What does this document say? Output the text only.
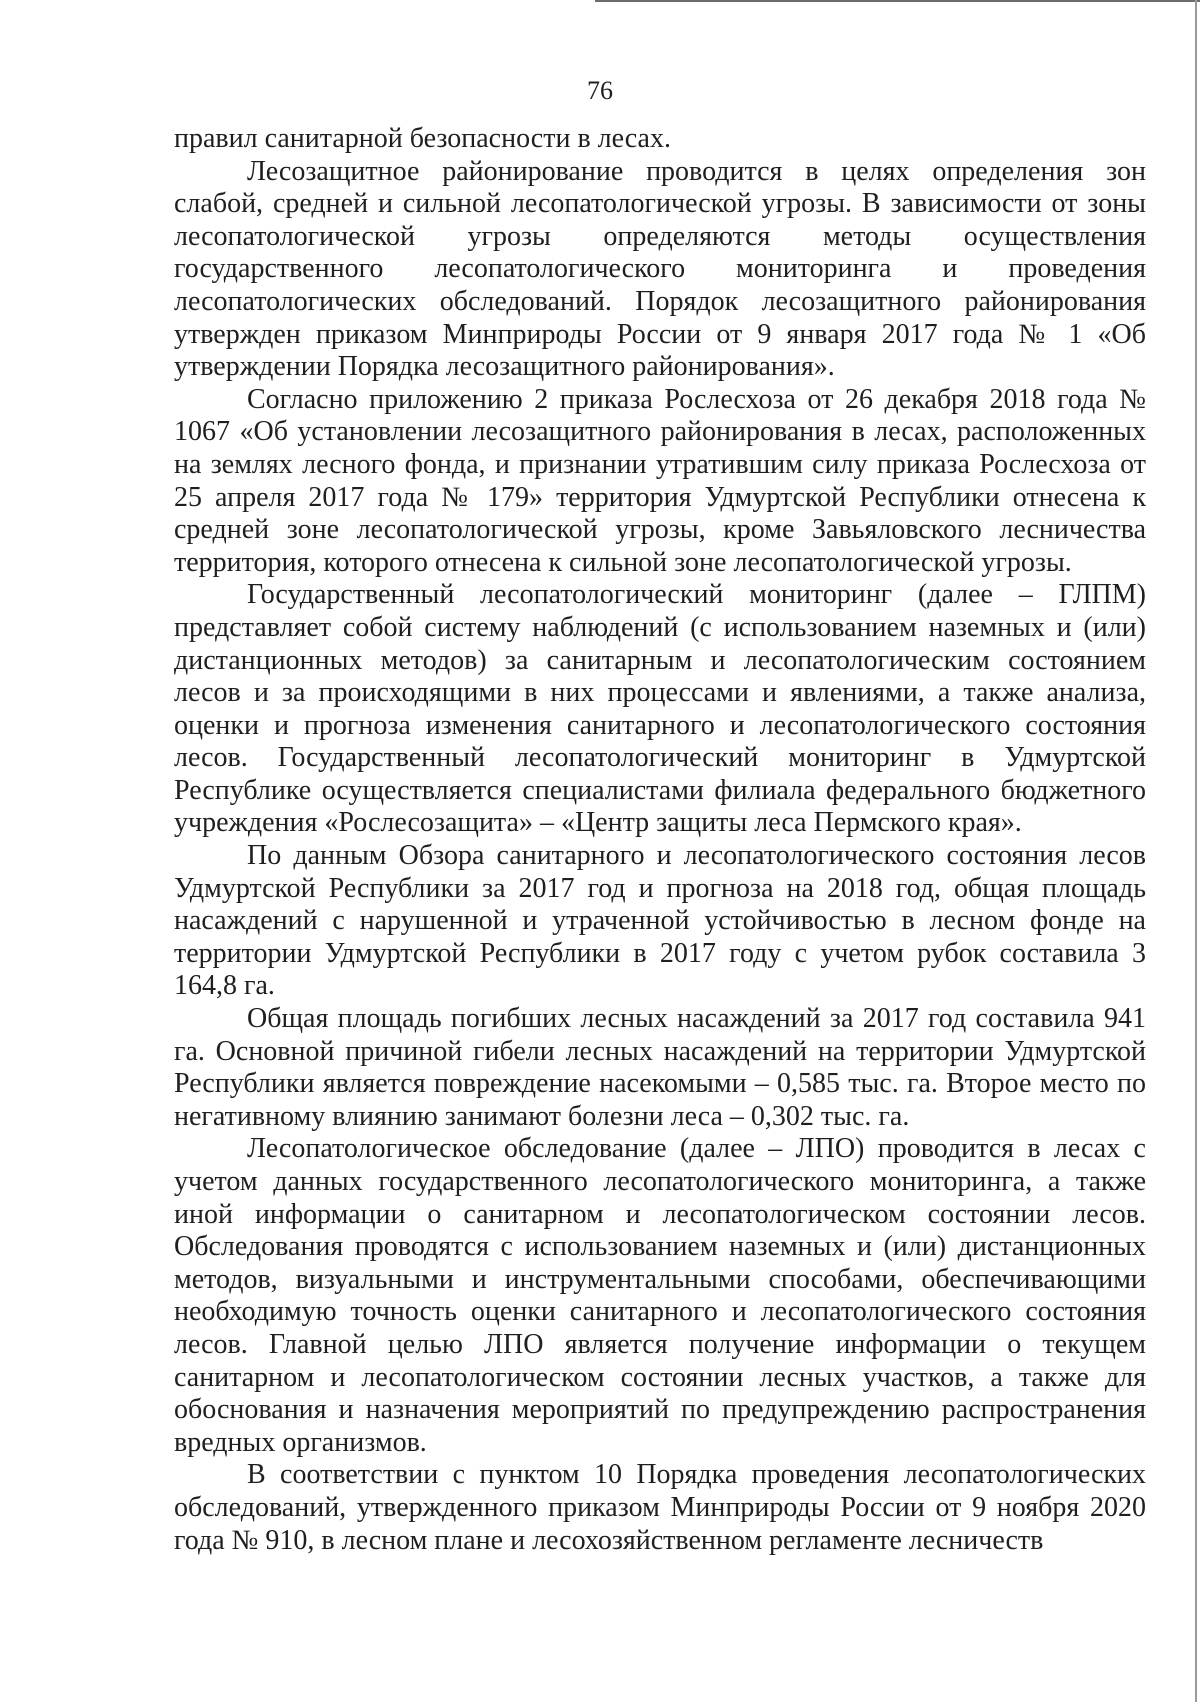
76

правил санитарной безопасности в лесах.

Лесозащитное районирование проводится в целях определения зон слабой, средней и сильной лесопатологической угрозы. В зависимости от зоны лесопатологической угрозы определяются методы осуществления государственного лесопатологического мониторинга и проведения лесопатологических обследований. Порядок лесозащитного районирования утвержден приказом Минприроды России от 9 января 2017 года № 1 «Об утверждении Порядка лесозащитного районирования».

Согласно приложению 2 приказа Рослесхоза от 26 декабря 2018 года № 1067 «Об установлении лесозащитного районирования в лесах, расположенных на землях лесного фонда, и признании утратившим силу приказа Рослесхоза от 25 апреля 2017 года № 179» территория Удмуртской Республики отнесена к средней зоне лесопатологической угрозы, кроме Завьяловского лесничества территория, которого отнесена к сильной зоне лесопатологической угрозы.

Государственный лесопатологический мониторинг (далее – ГЛПМ) представляет собой систему наблюдений (с использованием наземных и (или) дистанционных методов) за санитарным и лесопатологическим состоянием лесов и за происходящими в них процессами и явлениями, а также анализа, оценки и прогноза изменения санитарного и лесопатологического состояния лесов. Государственный лесопатологический мониторинг в Удмуртской Республике осуществляется специалистами филиала федерального бюджетного учреждения «Рослесозащита» – «Центр защиты леса Пермского края».

По данным Обзора санитарного и лесопатологического состояния лесов Удмуртской Республики за 2017 год и прогноза на 2018 год, общая площадь насаждений с нарушенной и утраченной устойчивостью в лесном фонде на территории Удмуртской Республики в 2017 году с учетом рубок составила 3 164,8 га.

Общая площадь погибших лесных насаждений за 2017 год составила 941 га. Основной причиной гибели лесных насаждений на территории Удмуртской Республики является повреждение насекомыми – 0,585 тыс. га. Второе место по негативному влиянию занимают болезни леса – 0,302 тыс. га.

Лесопатологическое обследование (далее – ЛПО) проводится в лесах с учетом данных государственного лесопатологического мониторинга, а также иной информации о санитарном и лесопатологическом состоянии лесов. Обследования проводятся с использованием наземных и (или) дистанционных методов, визуальными и инструментальными способами, обеспечивающими необходимую точность оценки санитарного и лесопатологического состояния лесов. Главной целью ЛПО является получение информации о текущем санитарном и лесопатологическом состоянии лесных участков, а также для обоснования и назначения мероприятий по предупреждению распространения вредных организмов.

В соответствии с пунктом 10 Порядка проведения лесопатологических обследований, утвержденного приказом Минприроды России от 9 ноября 2020 года № 910, в лесном плане и лесохозяйственном регламенте лесничеств
